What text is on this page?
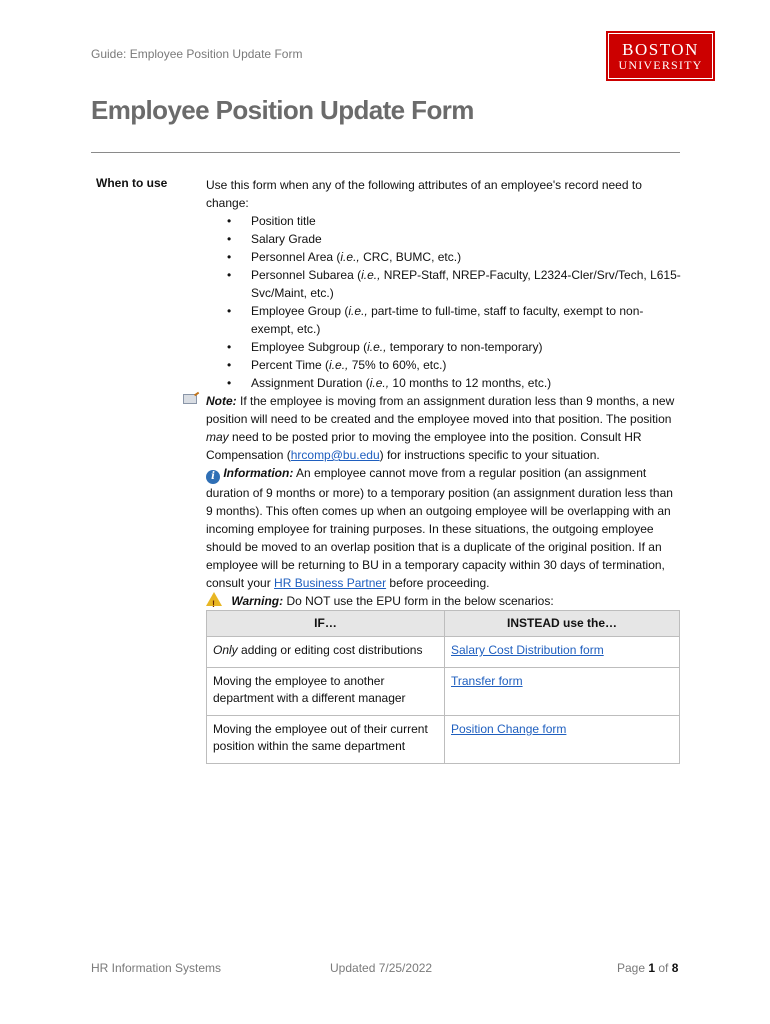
Guide: Employee Position Update Form	BOSTON
UNIVERSITY
Employee Position Update Form
When to use	Use this form when any of the following attributes of an employee's record need to change:

• Position title
• Salary Grade
• Personnel Area (i.e., CRC, BUMC, etc.)
• Personnel Subarea (i.e., NREP-Staff, NREP-Faculty, L2324-Cler/Srv/Tech, L615-Svc/Maint, etc.)
• Employee Group (i.e., part-time to full-time, staff to faculty, exempt to non-exempt, etc.)
• Employee Subgroup (i.e., temporary to non-temporary)
• Percent Time (i.e., 75% to 60%, etc.)
• Assignment Duration (i.e., 10 months to 12 months, etc.)

Note: If the employee is moving from an assignment duration less than 9 months, a new position will need to be created and the employee moved into that position. The position may need to be posted prior to moving the employee into the position. Consult HR Compensation (hrcomp@bu.edu) for instructions specific to your situation.

i Information: An employee cannot move from a regular position (an assignment duration of 9 months or more) to a temporary position (an assignment duration less than 9 months). This often comes up when an outgoing employee will be overlapping with an incoming employee for training purposes. In these situations, the outgoing employee should be moved to an overlap position that is a duplicate of the original position. If an employee will be returning to BU in a temporary capacity within 30 days of termination, consult your HR Business Partner before proceeding.

! Warning: Do NOT use the EPU form in the below scenarios:

IF…	INSTEAD use the…
Only adding or editing cost distributions	Salary Cost Distribution form
Moving the employee to another department with a different manager	Transfer form
Moving the employee out of their current position within the same department	Position Change form
HR Information Systems	Updated 7/25/2022	Page 1 of 8
